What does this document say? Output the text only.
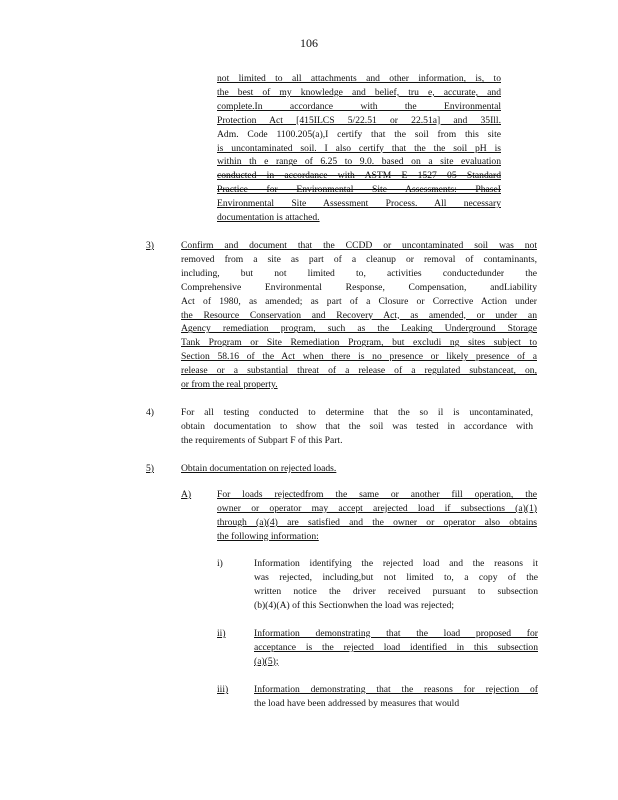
106
not limited to all attachments and other information, is, to
the best of my knowledge and belief, tru e, accurate, and
complete.In accordance with the Environmental
Protection Act [415ILCS 5/22.51 or 22.51a] and 35Ill.
Adm. Code 1100.205(a),I certify that the soil from this site
is uncontaminated soil. I also certify that the the soil pH is
within th e range of 6.25 to 9.0. based on a site evaluation
conducted in accordance with ASTM E 1527 05 Standard
Practice for Environmental Site Assessments: PhaseI
Environmental Site Assessment Process. All necessary
documentation is attached.
3)	Confirm and document that the CCDD or uncontaminated soil was not
removed from a site as part of a cleanup or removal of contaminants,
including, but not limited to, activities conductedunder the
Comprehensive Environmental Response, Compensation, andLiability
Act of 1980, as amended; as part of a Closure or Corrective Action under
the Resource Conservation and Recovery Act, as amended, or under an
Agency remediation program, such as the Leaking Underground Storage
Tank Program or Site Remediation Program, but excludi ng sites subject to
Section 58.16 of the Act when there is no presence or likely presence of a
release or a substantial threat of a release of a regulated substanceat, on,
or from the real property.
4)	For all testing conducted to determine that the so il is uncontaminated,
obtain documentation to show that the soil was tested in accordance with
the requirements of Subpart F of this Part.
5)	Obtain documentation on rejected loads.
A)	For loads rejectedfrom the same or another fill operation, the
owner or operator may accept arejected load if subsections (a)(1)
through (a)(4) are satisfied and the owner or operator also obtains
the following information:
i)	Information identifying the rejected load and the reasons it
was rejected, including,but not limited to, a copy of the
written notice the driver received pursuant to subsection
(b)(4)(A) of this Sectionwhen the load was rejected;
ii)	Information demonstrating that the load proposed for
acceptance is the rejected load identified in this subsection
(a)(5);
iii)	Information demonstrating that the reasons for rejection of
the load have been addressed by measures that would
